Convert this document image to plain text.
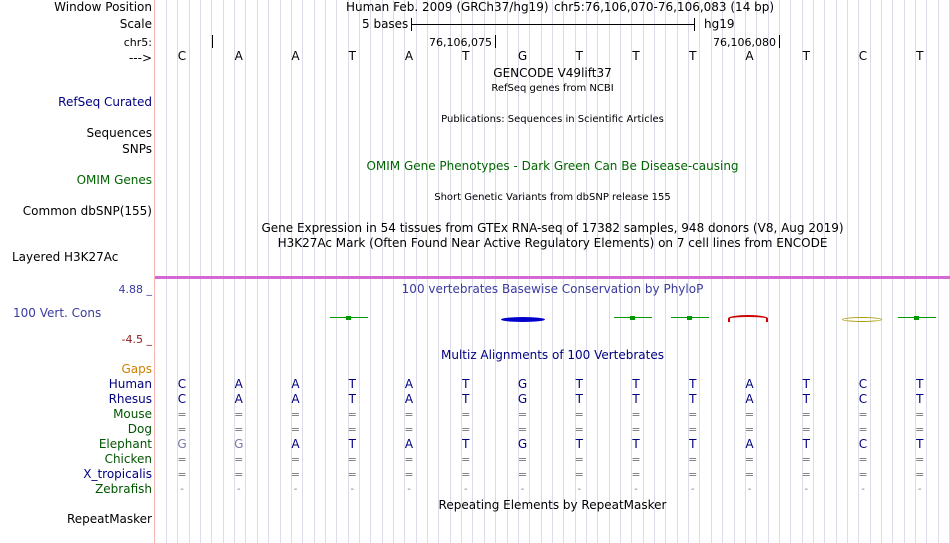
Window Position
Scale
chr5:
--->
Human Feb. 2009 (GRCh37/hg19) chr5:76,106,070-76,106,083 (14 bp)
5 bases	hg19
76,106,075	76,106,080
C	A	A	T	A	T	G	T	T	T	A	T	C	T
GENCODE V49lift37
RefSeq genes from NCBI
RefSeq Curated
Publications: Sequences in Scientific Articles
Sequences
SNPs
OMIM Gene Phenotypes - Dark Green Can Be Disease-causing
OMIM Genes
Short Genetic Variants from dbSNP release 155
Common dbSNP(155)
Gene Expression in 54 tissues from GTEx RNA-seq of 17382 samples, 948 donors (V8, Aug 2019)
H3K27Ac Mark (Often Found Near Active Regulatory Elements) on 7 cell lines from ENCODE
Layered H3K27Ac
4.88 _	100 vertebrates Basewise Conservation by PhyloP
100 Vert. Cons
-4.5 _
Gaps
Multiz Alignments of 100 Vertebrates
Human C	A	A	T	A	T	G	T	T	T	A	T	C	T
Rhesus C	A	A	T	A	T	G	T	T	T	A	T	C	T
Mouse =	=	=	=	=	=	=	=	=	=	=	=	=	=
Dog =	=	=	=	=	=	=	=	=	=	=	=	=	=
Elephant G	G	A	T	A	T	G	T	T	T	A	T	C	T
Chicken =	=	=	=	=	=	=	=	=	=	=	=	=	=
X_tropicalis =	=	=	=	=	=	=	=	=	=	=	=	=	=
Zebrafish	-	-	-	-	-	-	-	-	-	-	-	-	-	-
Repeating Elements by RepeatMasker
RepeatMasker
